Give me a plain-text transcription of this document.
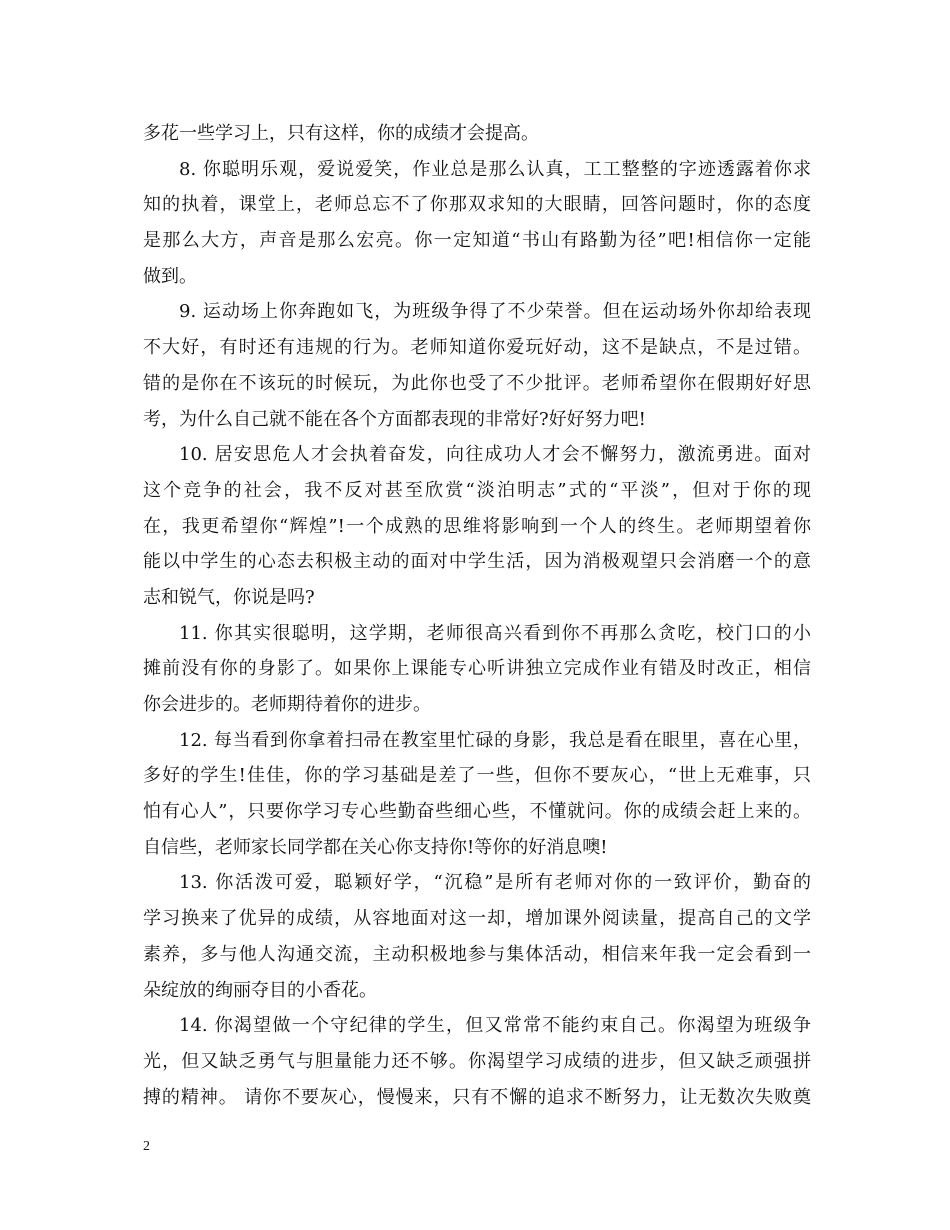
多花一些学习上，只有这样，你的成绩才会提高。
8. 你聪明乐观，爱说爱笑，作业总是那么认真，工工整整的字迹透露着你求
知的执着，课堂上，老师总忘不了你那双求知的大眼睛，回答问题时，你的态度
是那么大方，声音是那么宏亮。你一定知道“书山有路勤为径”吧!相信你一定能
做到。
9. 运动场上你奔跑如飞，为班级争得了不少荣誉。但在运动场外你却给表现
不大好，有时还有违规的行为。老师知道你爱玩好动，这不是缺点，不是过错。
错的是你在不该玩的时候玩，为此你也受了不少批评。老师希望你在假期好好思
考，为什么自己就不能在各个方面都表现的非常好?好好努力吧!
10. 居安思危人才会执着奋发，向往成功人才会不懈努力，激流勇进。面对
这个竞争的社会，我不反对甚至欣赏“淡泊明志”式的“平淡”，但对于你的现
在，我更希望你“辉煌”!一个成熟的思维将影响到一个人的终生。老师期望着你
能以中学生的心态去积极主动的面对中学生活，因为消极观望只会消磨一个的意
志和锐气，你说是吗?
11. 你其实很聪明，这学期，老师很高兴看到你不再那么贪吃，校门口的小
摊前没有你的身影了。如果你上课能专心听讲独立完成作业有错及时改正，相信
你会进步的。老师期待着你的进步。
12. 每当看到你拿着扫帚在教室里忙碌的身影，我总是看在眼里，喜在心里，
多好的学生!佳佳，你的学习基础是差了一些，但你不要灰心，“世上无难事，只
怕有心人”，只要你学习专心些勤奋些细心些，不懂就问。你的成绩会赶上来的。
自信些，老师家长同学都在关心你支持你!等你的好消息噢!
13. 你活泼可爱，聪颖好学，“沉稳”是所有老师对你的一致评价，勤奋的
学习换来了优异的成绩，从容地面对这一却，增加课外阅读量，提高自己的文学
素养，多与他人沟通交流，主动积极地参与集体活动，相信来年我一定会看到一
朵绽放的绚丽夺目的小香花。
14. 你渴望做一个守纪律的学生，但又常常不能约束自己。你渴望为班级争
光，但又缺乏勇气与胆量能力还不够。你渴望学习成绩的进步，但又缺乏顽强拼
搏的精神。 请你不要灰心，慢慢来，只有不懈的追求不断努力，让无数次失败奠
2
